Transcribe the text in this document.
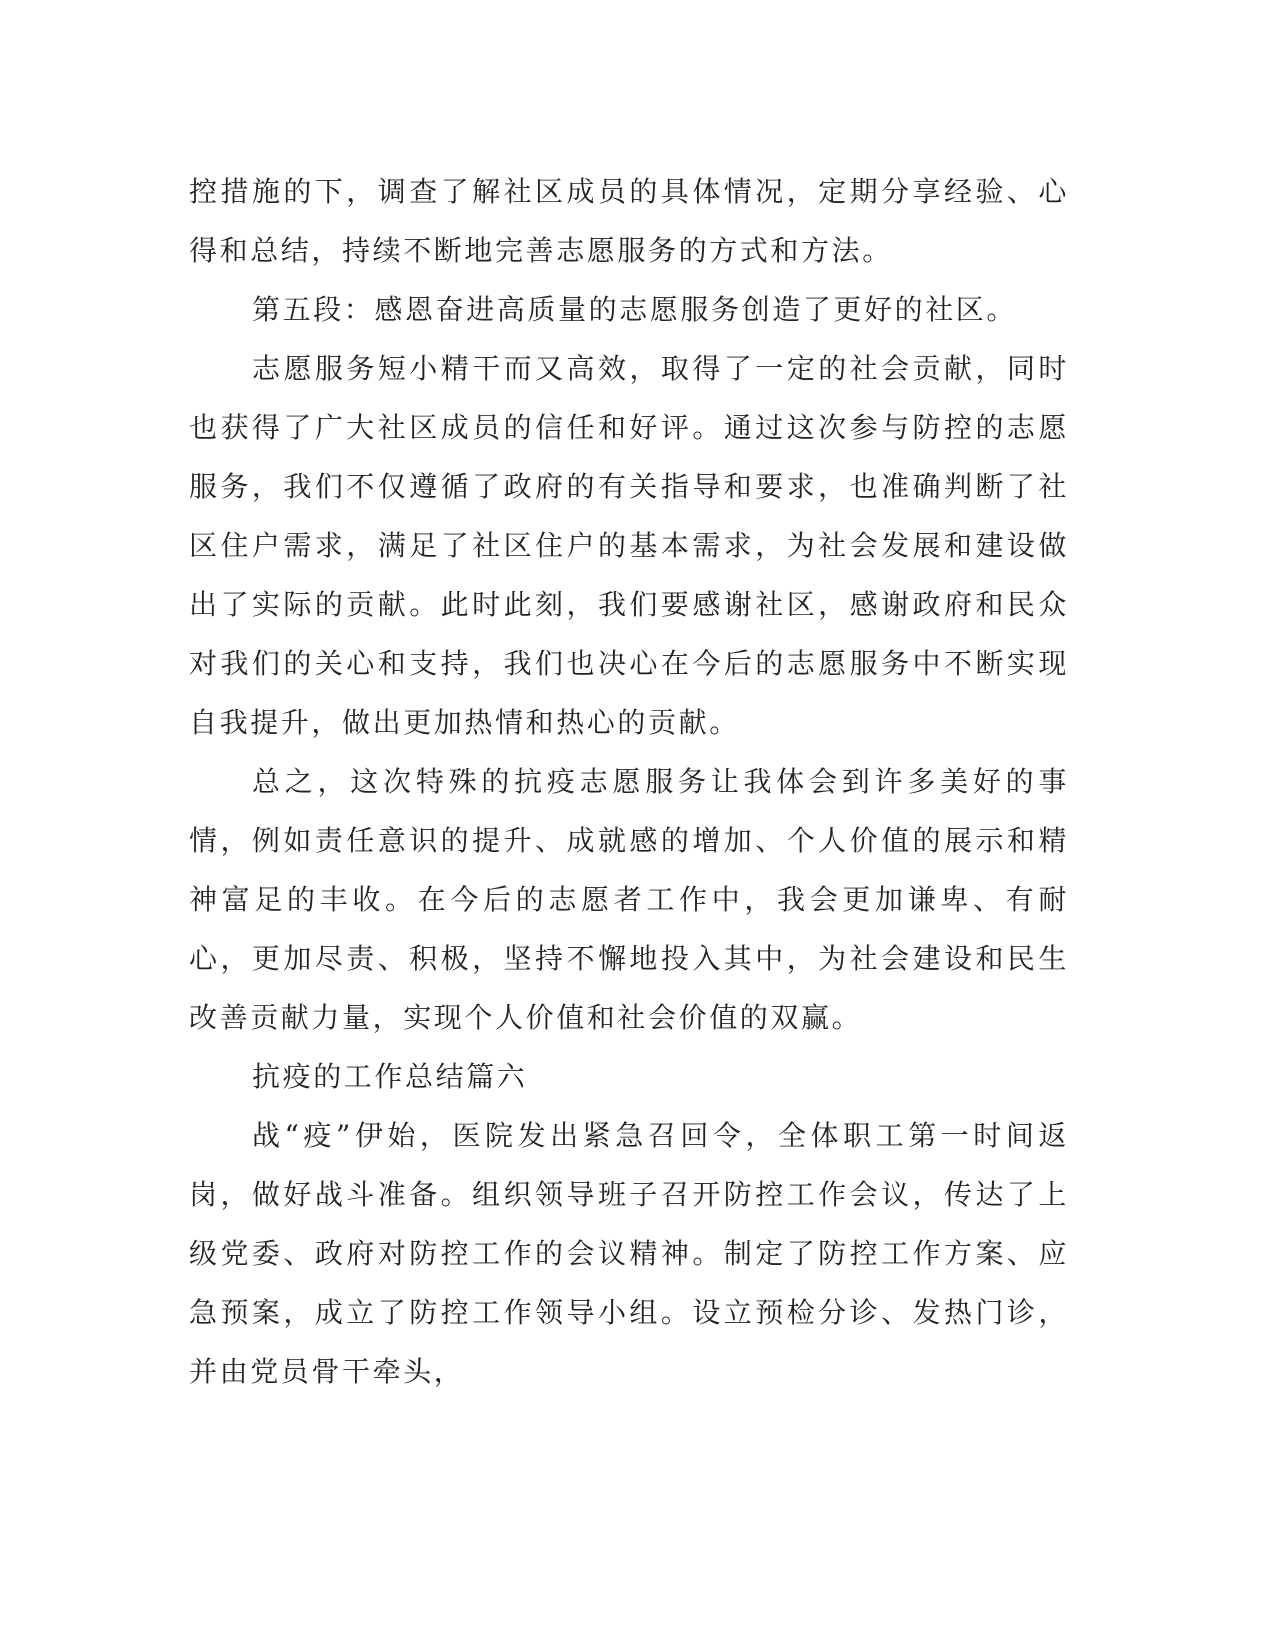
控措施的下，调查了解社区成员的具体情况，定期分享经验、心得和总结，持续不断地完善志愿服务的方式和方法。

第五段：感恩奋进高质量的志愿服务创造了更好的社区。

志愿服务短小精干而又高效，取得了一定的社会贡献，同时也获得了广大社区成员的信任和好评。通过这次参与防控的志愿服务，我们不仅遵循了政府的有关指导和要求，也准确判断了社区住户需求，满足了社区住户的基本需求，为社会发展和建设做出了实际的贡献。此时此刻，我们要感谢社区，感谢政府和民众对我们的关心和支持，我们也决心在今后的志愿服务中不断实现自我提升，做出更加热情和热心的贡献。

总之，这次特殊的抗疫志愿服务让我体会到许多美好的事情，例如责任意识的提升、成就感的增加、个人价值的展示和精神富足的丰收。在今后的志愿者工作中，我会更加谦卑、有耐心，更加尽责、积极，坚持不懈地投入其中，为社会建设和民生改善贡献力量，实现个人价值和社会价值的双赢。

抗疫的工作总结篇六

战“疫”伊始，医院发出紧急召回令，全体职工第一时间返岗，做好战斗准备。组织领导班子召开防控工作会议，传达了上级党委、政府对防控工作的会议精神。制定了防控工作方案、应急预案，成立了防控工作领导小组。设立预检分诊、发热门诊，并由党员骨干牵头，
